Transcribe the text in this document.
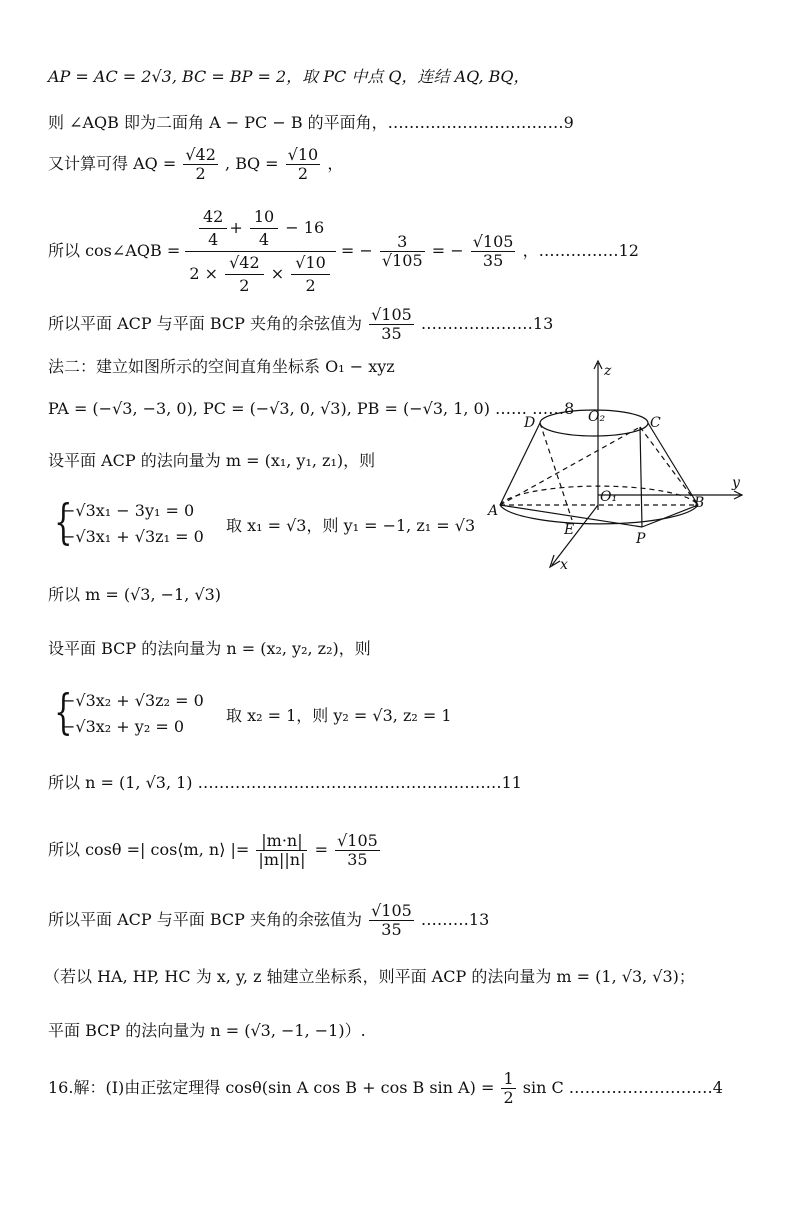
AP = AC = 2√3, BC = BP = 2，取 PC 中点 Q，连结 AQ, BQ，
则 ∠AQB 即为二面角 A − PC − B 的平面角，……………………………9
又计算可得 AQ = $\frac{√42}{2}$ , BQ = $\frac{√10}{2}$ ，
所以 cos∠AQB = $\frac{\frac{42}{4} + \frac{10}{4} - 16}{2 \times \frac{√42}{2} \times \frac{√10}{2}}$ = − $\frac{3}{√105}$ = − $\frac{√105}{35}$ ，……………12
所以平面 ACP 与平面 BCP 夹角的余弦值为 $\frac{√105}{35}$ …………………13
法二：建立如图所示的空间直角坐标系 O₁ − xyz
PA = (−√3, −3, 0), PC = (−√3, 0, √3), PB = (−√3, 1, 0) …… ……8
设平面 ACP 的法向量为 m = (x₁, y₁, z₁)，则
{
−√3x₁ − 3y₁ = 0
−√3x₁ + √3z₁ = 0
取 x₁ = √3，则 y₁ = −1, z₁ = √3
所以 m = (√3, −1, √3)
设平面 BCP 的法向量为 n = (x₂, y₂, z₂)，则
{
−√3x₂ + √3z₂ = 0
−√3x₂ + y₂ = 0
取 x₂ = 1，则 y₂ = √3, z₂ = 1
所以 n = (1, √3, 1) …………………………………………………11
所以 cosθ =| cos⟨m, n⟩ |= $\frac{|m\cdot n|}{|m||n|} = \frac{√105}{35}$
所以平面 ACP 与平面 BCP 夹角的余弦值为 $\frac{√105}{35}$ ………13
（若以 HA, HP, HC 为 x, y, z 轴建立坐标系，则平面 ACP 的法向量为 m = (1, √3, √3)；
平面 BCP 的法向量为 n = (√3, −1, −1)）.
16.解：(I)由正弦定理得 cosθ(sin A cos B + cos B $\sin A) = \frac{1}{2}$ sin C ………………………4
z
y
x
D	C
O₂
O₁
A	B
E
P
